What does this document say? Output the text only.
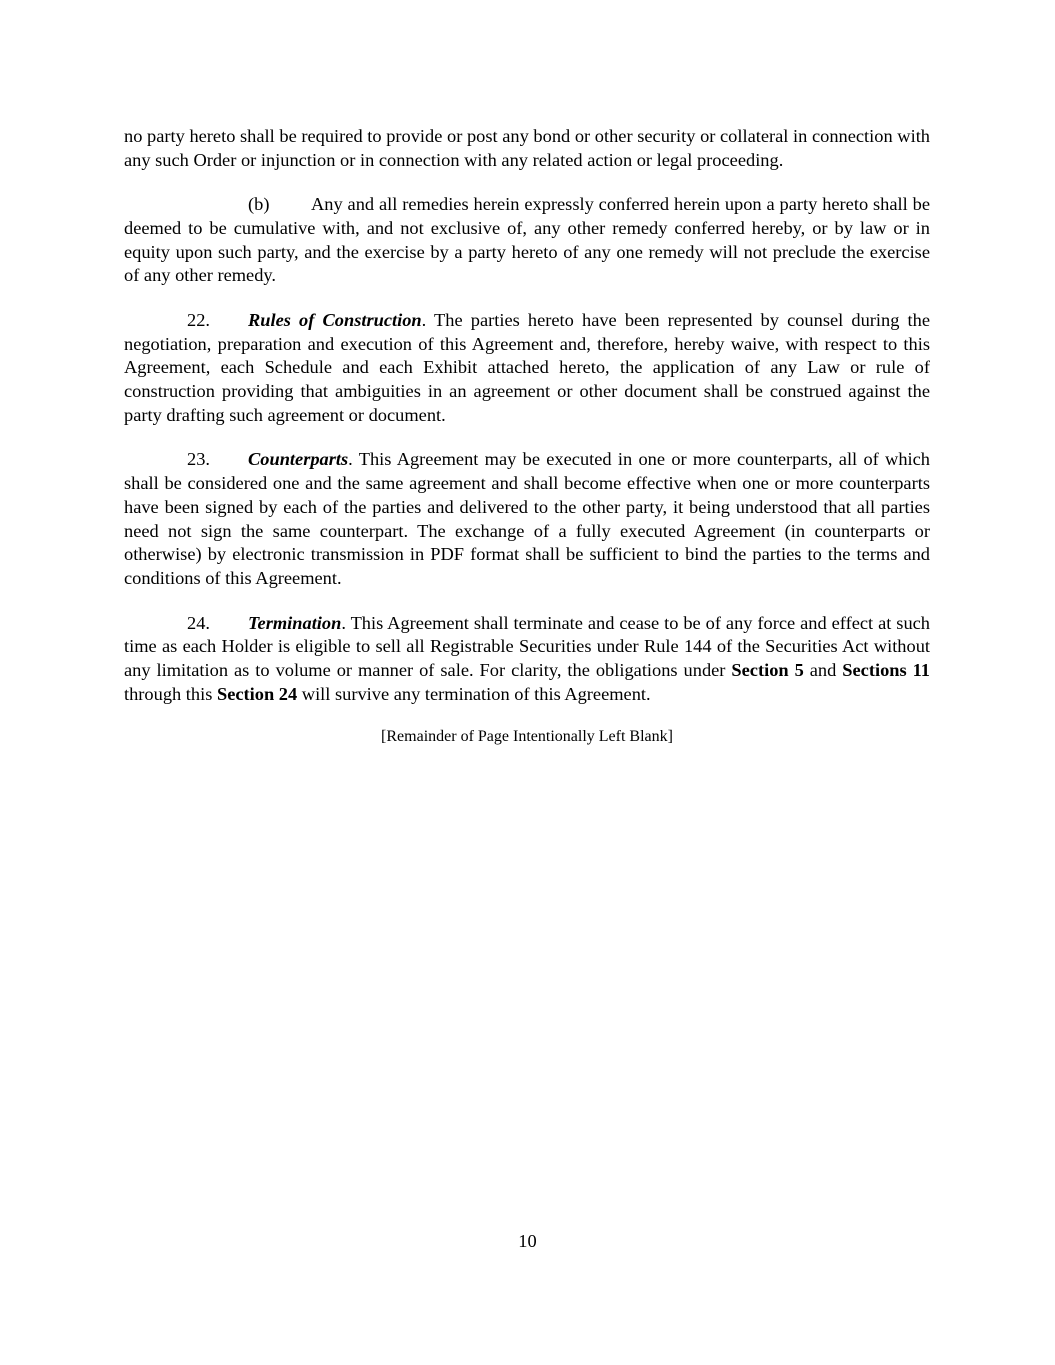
no party hereto shall be required to provide or post any bond or other security or collateral in connection with any such Order or injunction or in connection with any related action or legal proceeding.

(b) Any and all remedies herein expressly conferred herein upon a party hereto shall be deemed to be cumulative with, and not exclusive of, any other remedy conferred hereby, or by law or in equity upon such party, and the exercise by a party hereto of any one remedy will not preclude the exercise of any other remedy.

22. Rules of Construction. The parties hereto have been represented by counsel during the negotiation, preparation and execution of this Agreement and, therefore, hereby waive, with respect to this Agreement, each Schedule and each Exhibit attached hereto, the application of any Law or rule of construction providing that ambiguities in an agreement or other document shall be construed against the party drafting such agreement or document.

23. Counterparts. This Agreement may be executed in one or more counterparts, all of which shall be considered one and the same agreement and shall become effective when one or more counterparts have been signed by each of the parties and delivered to the other party, it being understood that all parties need not sign the same counterpart. The exchange of a fully executed Agreement (in counterparts or otherwise) by electronic transmission in PDF format shall be sufficient to bind the parties to the terms and conditions of this Agreement.

24. Termination. This Agreement shall terminate and cease to be of any force and effect at such time as each Holder is eligible to sell all Registrable Securities under Rule 144 of the Securities Act without any limitation as to volume or manner of sale. For clarity, the obligations under Section 5 and Sections 11 through this Section 24 will survive any termination of this Agreement.

[Remainder of Page Intentionally Left Blank]
10
